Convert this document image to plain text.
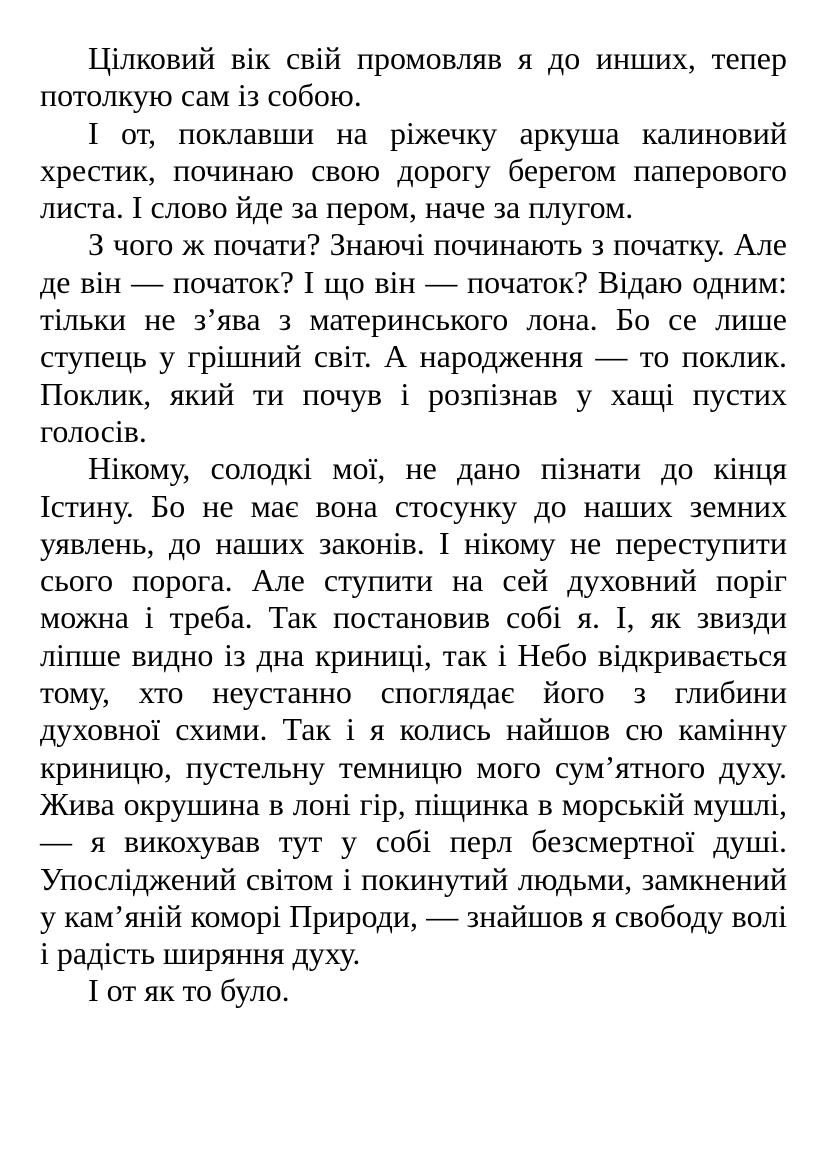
Цілковий вік свій промовляв я до инших, тепер потолкую сам із собою.

І от, поклавши на ріжечку аркуша калиновий хрестик, починаю свою дорогу берегом паперового листа. І слово йде за пером, наче за плугом.

З чого ж почати? Знаючі починають з початку. Але де він — початок? І що він — початок? Відаю одним: тільки не з’ява з материнського лона. Бо се лише ступець у грішний світ. А народження — то поклик. Поклик, який ти почув і розпізнав у хащі пустих голосів.

Нікому, солодкі мої, не дано пізнати до кінця Істину. Бо не має вона стосунку до наших земних уявлень, до наших законів. І нікому не переступити сього порога. Але ступити на сей духовний поріг можна і треба. Так постановив собі я. І, як звизди ліпше видно із дна криниці, так і Небо відкривається тому, хто неустанно споглядає його з глибини духовної схими. Так і я колись найшов сю камінну криницю, пустельну темницю мого сум’ятного духу. Жива окрушина в лоні гір, піщинка в морській мушлі, — я викохував тут у собі перл безсмертної душі. Упосліджений світом і покинутий людьми, замкнений у кам’яній коморі Природи, — знайшов я свободу волі і радість ширяння духу.

І от як то було.
